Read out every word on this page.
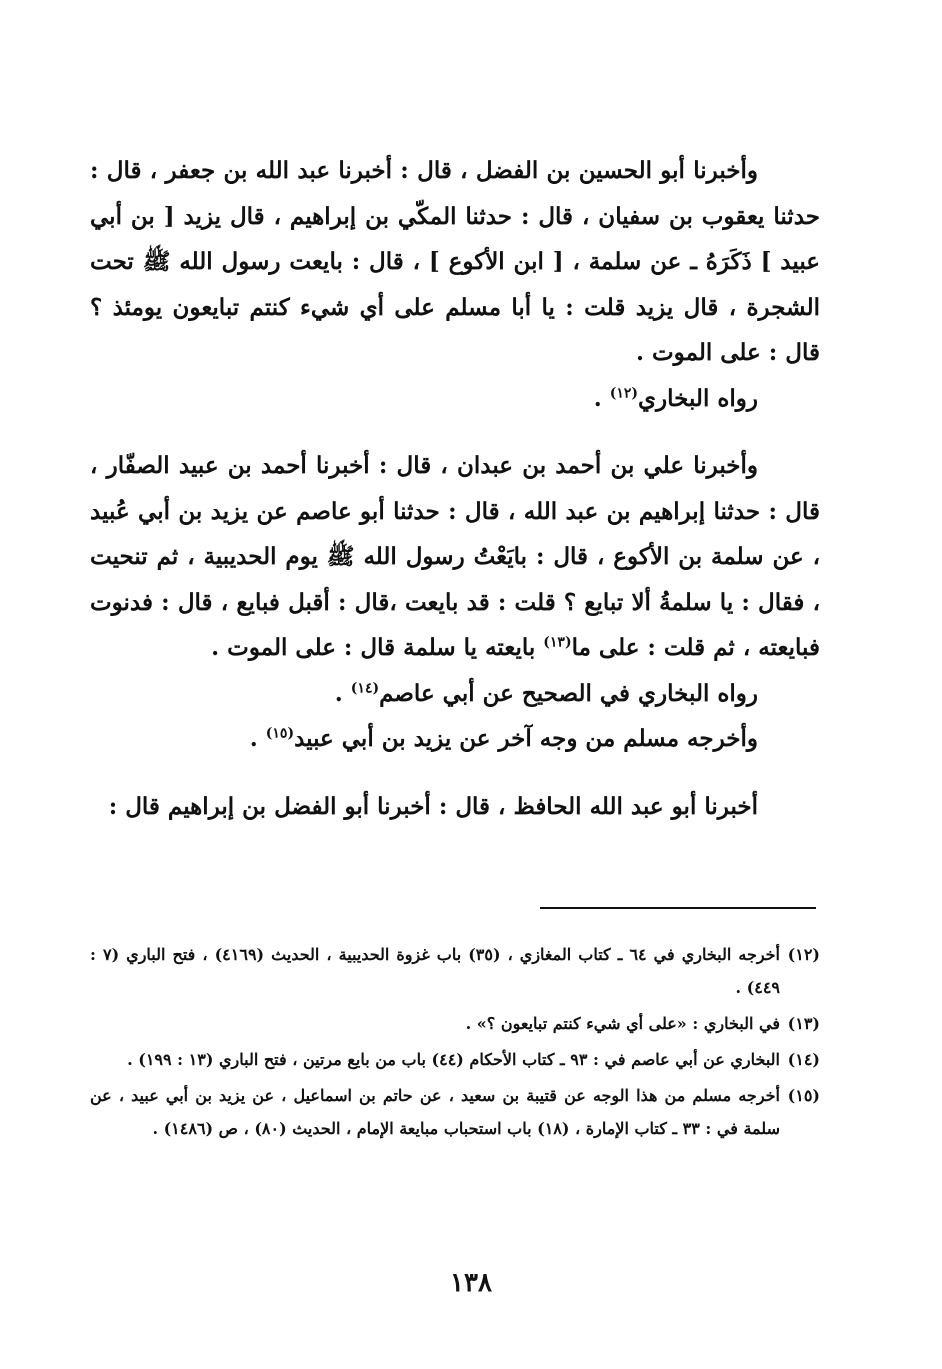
وأخبرنا أبو الحسين بن الفضل ، قال : أخبرنا عبد الله بن جعفر ، قال : حدثنا يعقوب بن سفيان ، قال : حدثنا المكّي بن إبراهيم ، قال يزيد [ بن أبي عبيد ] ذَكَرَهُ ـ عن سلمة ، [ ابن الأكوع ] ، قال : بايعت رسول الله ﷺ تحت الشجرة ، قال يزيد قلت : يا أبا مسلم على أي شيء كنتم تبايعون يومئذ ؟ قال : على الموت .

رواه البخاري$^{(١٢)}$ .

وأخبرنا علي بن أحمد بن عبدان ، قال : أخبرنا أحمد بن عبيد الصفّار ، قال : حدثنا إبراهيم بن عبد الله ، قال : حدثنا أبو عاصم عن يزيد بن أبي عُبيد ، عن سلمة بن الأكوع ، قال : بايَعْتُ رسول الله ﷺ يوم الحديبية ، ثم تنحيت ، فقال : يا سلمةُ ألا تبايع ؟ قلت : قد بايعت ،قال : أقبل فبايع ، قال : فدنوت فبايعته ، ثم قلت : على ما$^{(١٣)}$ بايعته يا سلمة قال : على الموت .

رواه البخاري في الصحيح عن أبي عاصم$^{(١٤)}$ .

وأخرجه مسلم من وجه آخر عن يزيد بن أبي عبيد$^{(١٥)}$ .

أخبرنا أبو عبد الله الحافظ ، قال : أخبرنا أبو الفضل بن إبراهيم قال :

(١٢)أخرجه البخاري في ٦٤ ـ كتاب المغازي ، (٣٥) باب غزوة الحديبية ، الحديث (٤١٦٩) ، فتح الباري (٧ : ٤٤٩) .

(١٣)في البخاري : «على أي شيء كنتم تبايعون ؟» .

(١٤)البخاري عن أبي عاصم في : ٩٣ ـ كتاب الأحكام (٤٤) باب من بايع مرتين ، فتح الباري (١٣ : ١٩٩) .

(١٥)أخرجه مسلم من هذا الوجه عن قتيبة بن سعيد ، عن حاتم بن اسماعيل ، عن يزيد بن أبي عبيد ، عن سلمة في : ٣٣ ـ كتاب الإمارة ، (١٨) باب استحباب مبايعة الإمام ، الحديث (٨٠) ، ص (١٤٨٦) .

١٣٨
